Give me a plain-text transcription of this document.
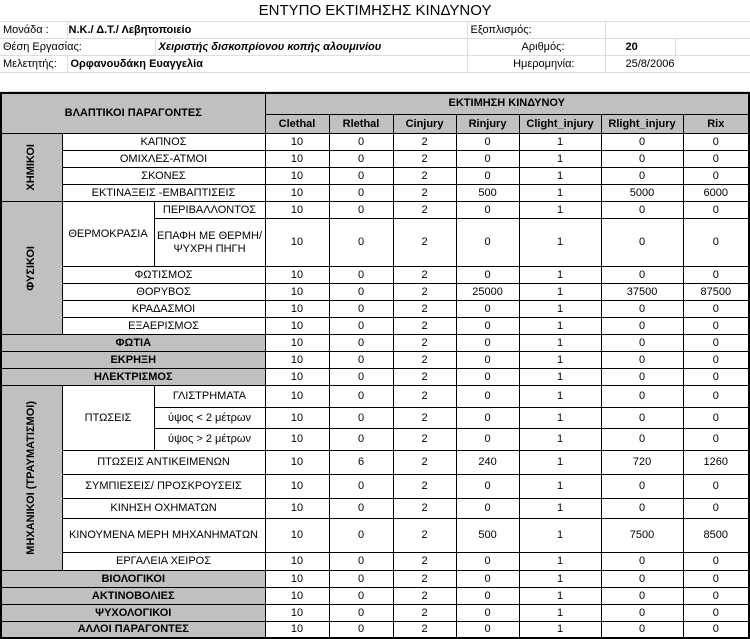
ΕΝΤΥΠΟ ΕΚΤΙΜΗΣΗΣ ΚΙΝΔΥΝΟΥ					
Μονάδα :	Ν.Κ./ Δ.Τ./ Λεβητοποιείο		Εξοπλισμός:		
Θέση Εργασίας:		Χειριστής δισκοπρίονου κοπής αλουμινίου	Αριθμός:	20	
Μελετητής:	Ορφανουδάκη Ευαγγελία		Ημερομηνία:	25/8/2006	

ΒΛΑΠΤΙΚΟΙ ΠΑΡΑΓΟΝΤΕΣ			ΕΚΤΙΜΗΣΗ ΚΙΝΔΥΝΟΥ						
			Clethal	Rlethal	Cinjury	Rinjury	Clight_injury	Rlight_injury	Rix

ΧΗΜΙΚΟΙ	ΚΑΠΝΟΣ		10	0	2	0	1	0	0
	ΟΜΙΧΛΕΣ-ΑΤΜΟΙ		10	0	2	0	1	0	0
	ΣΚΟΝΕΣ		10	0	2	0	1	0	0
	ΕΚΤΙΝΑΞΕΙΣ -ΕΜΒΑΠΤΙΣΕΙΣ		10	0	2	500	1	5000	6000

ΦΥΣΙΚΟΙ	ΘΕΡΜΟΚΡΑΣΙΑ	ΠΕΡΙΒΑΛΛΟΝΤΟΣ	10	0	2	0	1	0	0
		ΕΠΑΦΗ ΜΕ ΘΕΡΜΗ/ ΨΥΧΡΗ ΠΗΓΗ	10	0	2	0	1	0	0
	ΦΩΤΙΣΜΟΣ		10	0	2	0	1	0	0
	ΘΟΡΥΒΟΣ		10	0	2	25000	1	37500	87500
	ΚΡΑΔΑΣΜΟΙ		10	0	2	0	1	0	0
	ΕΞΑΕΡΙΣΜΟΣ		10	0	2	0	1	0	0
ΦΩΤΙΑ			10	0	2	0	1	0	0
ΕΚΡΗΞΗ			10	0	2	0	1	0	0
ΗΛΕΚΤΡΙΣΜΟΣ			10	0	2	0	1	0	0

ΜΗΧΑΝΙΚΟΙ (ΤΡΑΥΜΑΤΙΣΜΟΙ)	ΠΤΩΣΕΙΣ	ΓΛΙΣΤΡΗΜΑΤΑ	10	0	2	0	1	0	0
		ύψος < 2 μέτρων	10	0	2	0	1	0	0
		ύψος > 2 μέτρων	10	0	2	0	1	0	0
	ΠΤΩΣΕΙΣ ΑΝΤΙΚΕΙΜΕΝΩΝ		10	6	2	240	1	720	1260
	ΣΥΜΠΙΕΣΕΙΣ/ ΠΡΟΣΚΡΟΥΣΕΙΣ		10	0	2	0	1	0	0
	ΚΙΝΗΣΗ ΟΧΗΜΑΤΩΝ		10	0	2	0	1	0	0
	ΚΙΝΟΥΜΕΝΑ ΜΕΡΗ ΜΗΧΑΝΗΜΑΤΩΝ		10	0	2	500	1	7500	8500
	ΕΡΓΑΛΕΙΑ ΧΕΙΡΟΣ		10	0	2	0	1	0	0
ΒΙΟΛΟΓΙΚΟΙ			10	0	2	0	1	0	0
ΑΚΤΙΝΟΒΟΛΙΕΣ			10	0	2	0	1	0	0
ΨΥΧΟΛΟΓΙΚΟΙ			10	0	2	0	1	0	0
ΑΛΛΟΙ ΠΑΡΑΓΟΝΤΕΣ			10	0	2	0	1	0	0
